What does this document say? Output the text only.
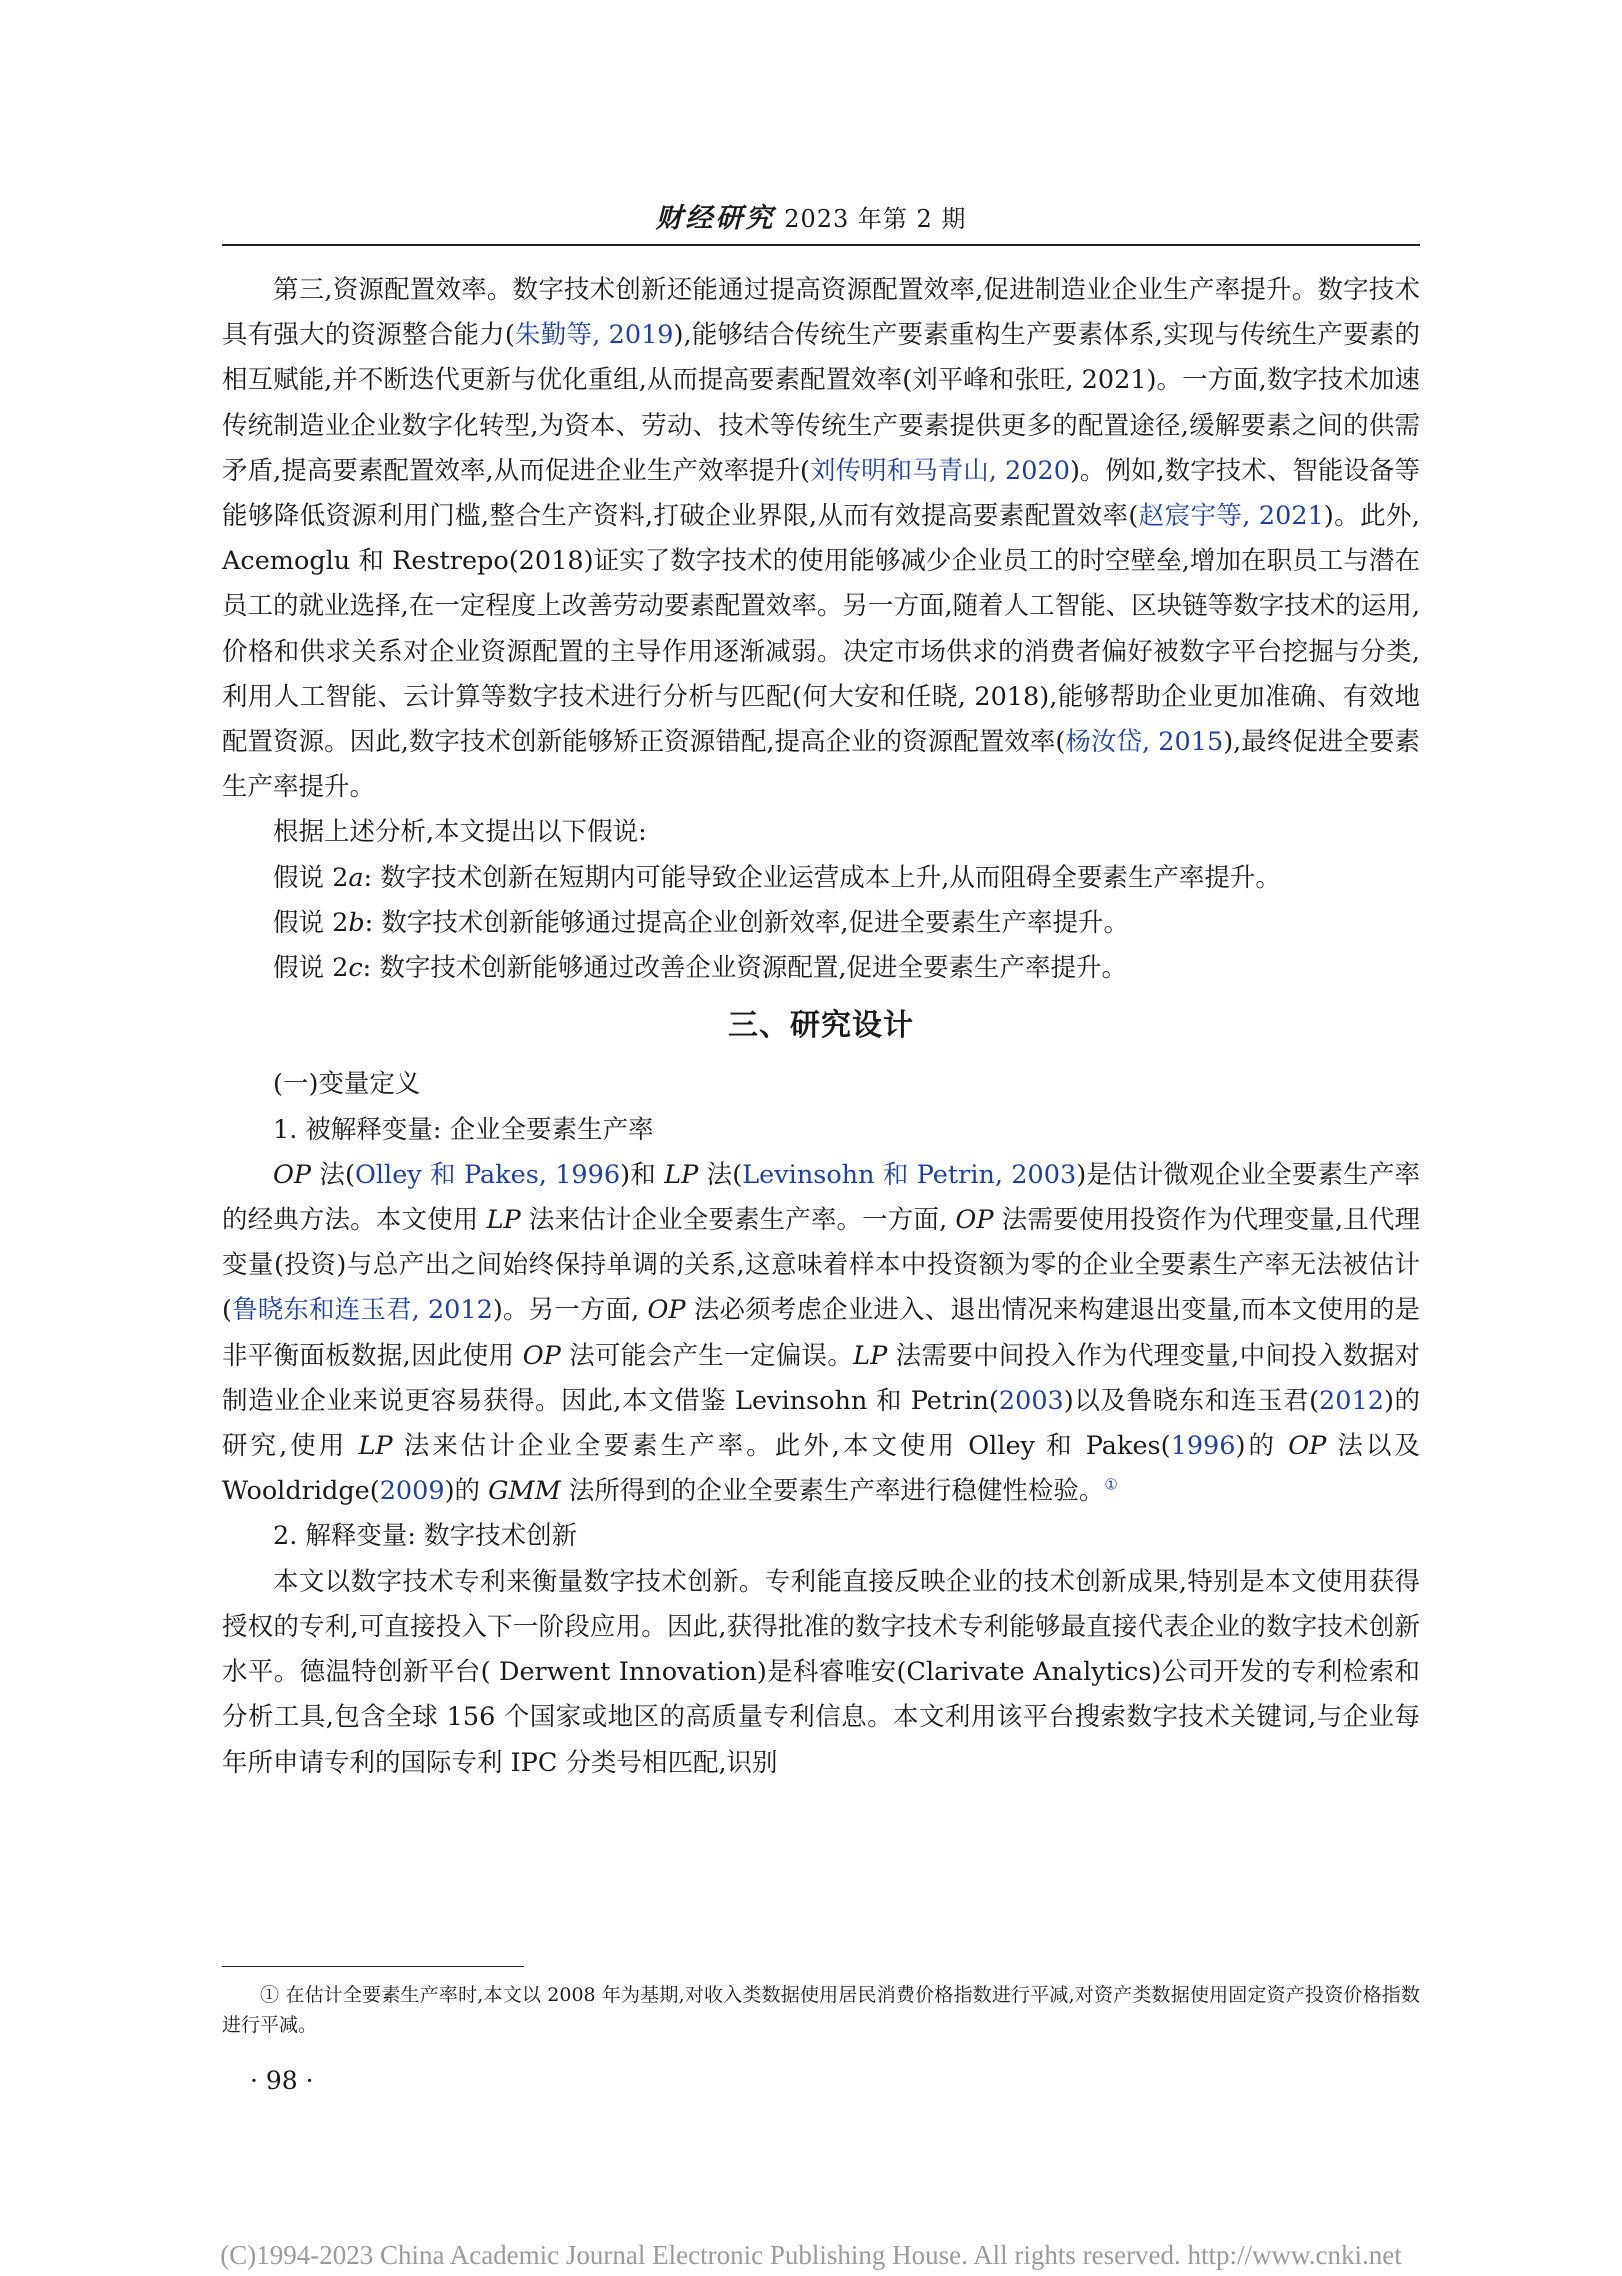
财经研究 2023 年第 2 期

第三,资源配置效率。数字技术创新还能通过提高资源配置效率,促进制造业企业生产率提升。数字技术具有强大的资源整合能力(朱勤等, 2019),能够结合传统生产要素重构生产要素体系,实现与传统生产要素的相互赋能,并不断迭代更新与优化重组,从而提高要素配置效率(刘平峰和张旺, 2021)。一方面,数字技术加速传统制造业企业数字化转型,为资本、劳动、技术等传统生产要素提供更多的配置途径,缓解要素之间的供需矛盾,提高要素配置效率,从而促进企业生产效率提升(刘传明和马青山, 2020)。例如,数字技术、智能设备等能够降低资源利用门槛,整合生产资料,打破企业界限,从而有效提高要素配置效率(赵宸宇等, 2021)。此外, Acemoglu 和 Restrepo(2018)证实了数字技术的使用能够减少企业员工的时空壁垒,增加在职员工与潜在员工的就业选择,在一定程度上改善劳动要素配置效率。另一方面,随着人工智能、区块链等数字技术的运用,价格和供求关系对企业资源配置的主导作用逐渐减弱。决定市场供求的消费者偏好被数字平台挖掘与分类,利用人工智能、云计算等数字技术进行分析与匹配(何大安和任晓, 2018),能够帮助企业更加准确、有效地配置资源。因此,数字技术创新能够矫正资源错配,提高企业的资源配置效率(杨汝岱, 2015),最终促进全要素生产率提升。

根据上述分析,本文提出以下假说:

假说 2a: 数字技术创新在短期内可能导致企业运营成本上升,从而阻碍全要素生产率提升。

假说 2b: 数字技术创新能够通过提高企业创新效率,促进全要素生产率提升。

假说 2c: 数字技术创新能够通过改善企业资源配置,促进全要素生产率提升。

三、研究设计

(一)变量定义

1. 被解释变量: 企业全要素生产率

OP 法(Olley 和 Pakes, 1996)和 LP 法(Levinsohn 和 Petrin, 2003)是估计微观企业全要素生产率的经典方法。本文使用 LP 法来估计企业全要素生产率。一方面, OP 法需要使用投资作为代理变量,且代理变量(投资)与总产出之间始终保持单调的关系,这意味着样本中投资额为零的企业全要素生产率无法被估计(鲁晓东和连玉君, 2012)。另一方面, OP 法必须考虑企业进入、退出情况来构建退出变量,而本文使用的是非平衡面板数据,因此使用 OP 法可能会产生一定偏误。LP 法需要中间投入作为代理变量,中间投入数据对制造业企业来说更容易获得。因此,本文借鉴 Levinsohn 和 Petrin(2003)以及鲁晓东和连玉君(2012)的研究,使用 LP 法来估计企业全要素生产率。此外,本文使用 Olley 和 Pakes(1996)的 OP 法以及 Wooldridge(2009)的 GMM 法所得到的企业全要素生产率进行稳健性检验。①

2. 解释变量: 数字技术创新

本文以数字技术专利来衡量数字技术创新。专利能直接反映企业的技术创新成果,特别是本文使用获得授权的专利,可直接投入下一阶段应用。因此,获得批准的数字技术专利能够最直接代表企业的数字技术创新水平。德温特创新平台( Derwent Innovation)是科睿唯安(Clarivate Analytics)公司开发的专利检索和分析工具,包含全球 156 个国家或地区的高质量专利信息。本文利用该平台搜索数字技术关键词,与企业每年所申请专利的国际专利 IPC 分类号相匹配,识别

① 在估计全要素生产率时,本文以 2008 年为基期,对收入类数据使用居民消费价格指数进行平减,对资产类数据使用固定资产投资价格指数进行平减。

· 98 ·
(C)1994-2023 China Academic Journal Electronic Publishing House. All rights reserved. http://www.cnki.net
